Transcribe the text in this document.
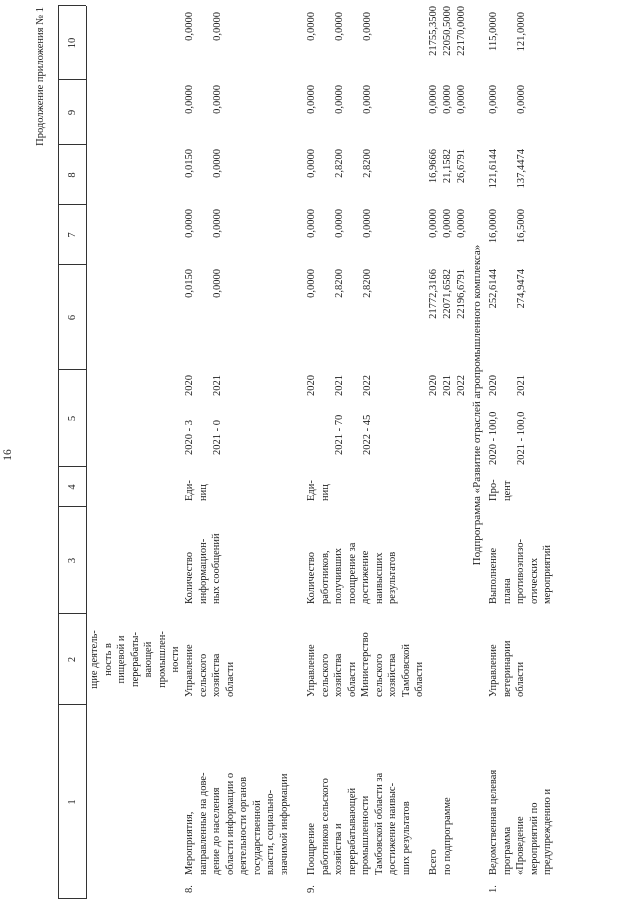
16
Продолжение приложения № 1
1
2
3
4
5
6
7
8
9
10
щие деятель- ность в пищевой и перерабаты- вающей промышлен- ности
8.
Мероприятия, направленные на дове- дение до населения области информации о деятельности органов государственной власти, социально- значимой информации
Управление сельского хозяйства области
Количество информацион- ных сообщений
Еди- ниц
2020 - 3 2021 - 0
2020 2021
0,0150 0,0000
0,0000 0,0000
0,0150 0,0000
0,0000 0,0000
0,0000 0,0000
9.
Поощрение работников сельского хозяйства и перерабатывающей промышленности Тамбовской области за достижение наивыс- ших результатов
Управление сельского хозяйства области Министерство сельского хозяйства Тамбовской области
Количество работников, получивших поощрение за достижение наивысших результатов
Еди- ниц
2021 - 70 2022 - 45
2020 2021 2022
0,0000 2,8200 2,8200
0,0000 0,0000 0,0000
0,0000 2,8200 2,8200
0,0000 0,0000 0,0000
0,0000 0,0000 0,0000
Всего по подпрограмме
2020 2021 2022
21772,3166 22071,6582 22196,6791
0,0000 0,0000 0,0000
16,9666 21,1582 26,6791
0,0000 0,0000 0,0000
21755,3500 22050,5000 22170,0000
Подпрограмма «Развитие отраслей агропромышленного комплекса»
1.
Ведомственная целевая программа «Проведение мероприятий по предупреждению и
Управление ветеринарии области
Выполнение плана противоэпизо- отических мероприятий
Про- цент
2020 - 100,0 2021 - 100,0
2020 2021
252,6144 274,9474
16,0000 16,5000
121,6144 137,4474
0,0000 0,0000
115,0000 121,0000
